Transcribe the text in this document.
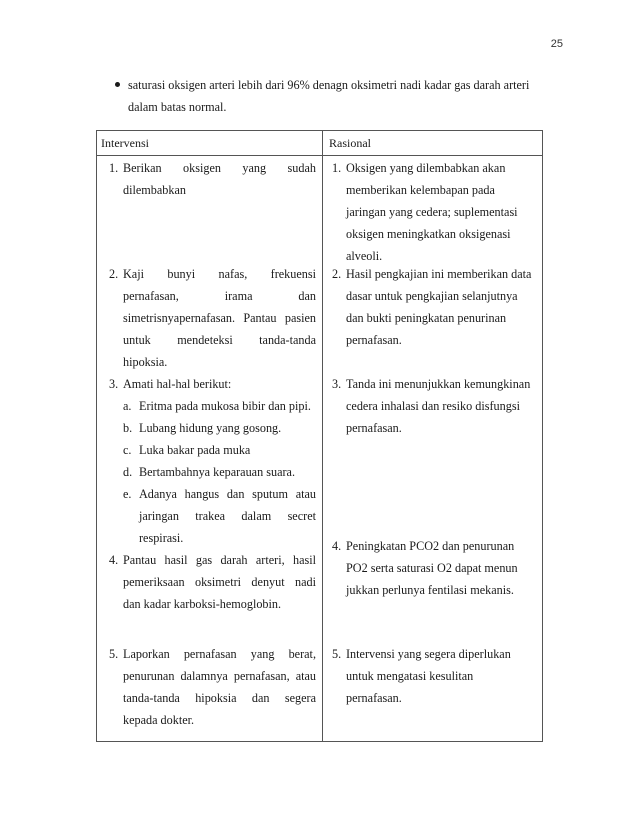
25
saturasi oksigen arteri lebih dari 96% denagn oksimetri nadi kadar gas darah arteri
dalam batas normal.
Intervensi	Rasional
1. Berikan oksigen yang sudah
dilembabkan
2. Kaji bunyi nafas, frekuensi
pernafasan, irama dan
simetrisnyapernafasan. Pantau pasien
untuk mendeteksi tanda-tanda
hipoksia.
3. Amati hal-hal berikut:
a. Eritma pada mukosa bibir dan pipi.
b. Lubang hidung yang gosong.
c. Luka bakar pada muka
d. Bertambahnya keparauan suara.
e. Adanya hangus dan sputum atau
jaringan trakea dalam secret
respirasi.
4. Pantau hasil gas darah arteri, hasil
pemeriksaan oksimetri denyut nadi
dan kadar karboksi-hemoglobin.
5. Laporkan pernafasan yang berat,
penurunan dalamnya pernafasan, atau
tanda-tanda hipoksia dan segera
kepada dokter.
1. Oksigen yang dilembabkan akan
memberikan kelembapan pada
jaringan yang cedera; suplementasi
oksigen meningkatkan oksigenasi
alveoli.
2. Hasil pengkajian ini memberikan data
dasar untuk pengkajian selanjutnya
dan bukti peningkatan penurinan
pernafasan.
3. Tanda ini menunjukkan kemungkinan
cedera inhalasi dan resiko disfungsi
pernafasan.
4. Peningkatan PCO2 dan penurunan
PO2 serta saturasi O2 dapat menun
jukkan perlunya fentilasi mekanis.
5. Intervensi yang segera diperlukan
untuk mengatasi kesulitan
pernafasan.
